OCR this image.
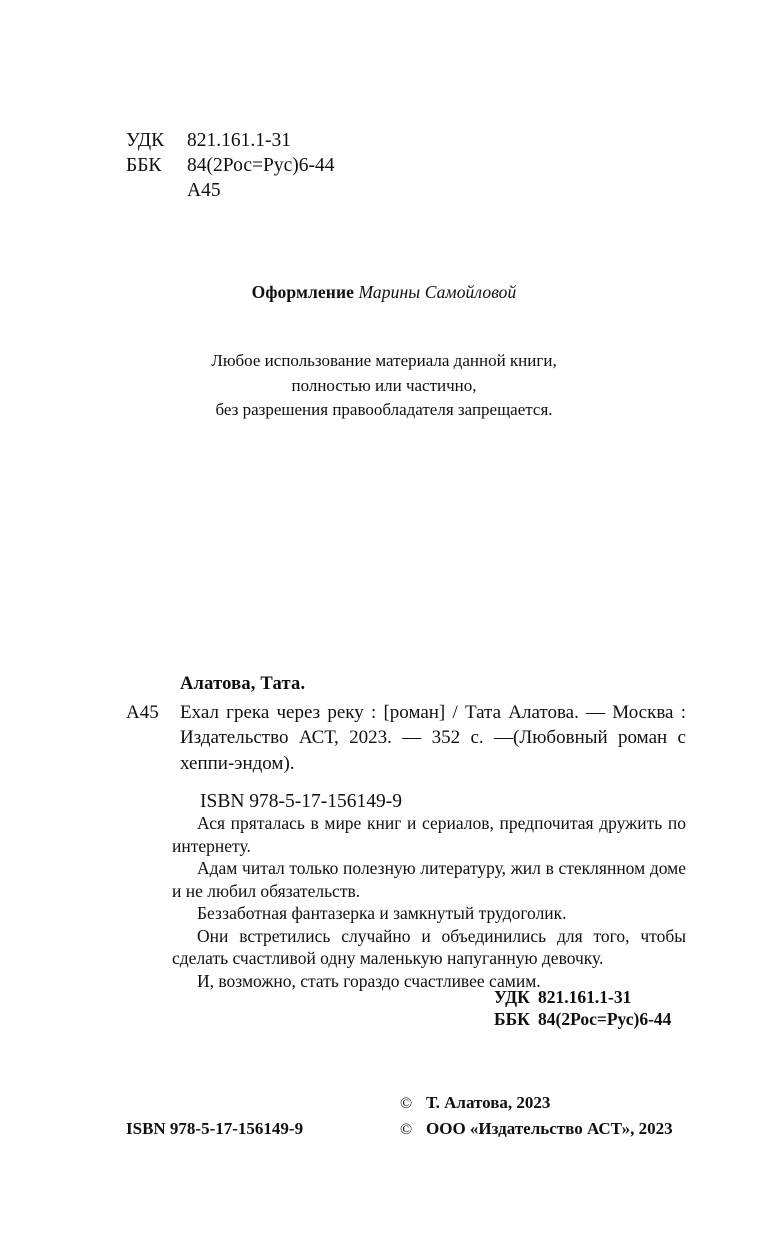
УДК	821.161.1-31
ББК	84(2Рос=Рус)6-44
А45
Оформление Марины Самойловой
Любое использование материала данной книги,
полностью или частично,
без разрешения правообладателя запрещается.
Алатова, Тата.
А45 Ехал грека через реку : [роман] / Тата Алатова. — Москва : Издательство АСТ, 2023. — 352 с. —(Любовный роман с хеппи-эндом).
ISBN 978-5-17-156149-9

Ася пряталась в мире книг и сериалов, предпочитая дружить по интернету.

Адам читал только полезную литературу, жил в стеклянном доме и не любил обязательств.

Беззаботная фантазерка и замкнутый трудоголик.

Они встретились случайно и объединились для того, чтобы сделать счастливой одну маленькую напуганную девочку.

И, возможно, стать гораздо счастливее самим.

УДК 821.161.1-31
ББК 84(2Рос=Рус)6-44
© Т. Алатова, 2023
ISBN 978-5-17-156149-9	© ООО «Издательство АСТ», 2023
